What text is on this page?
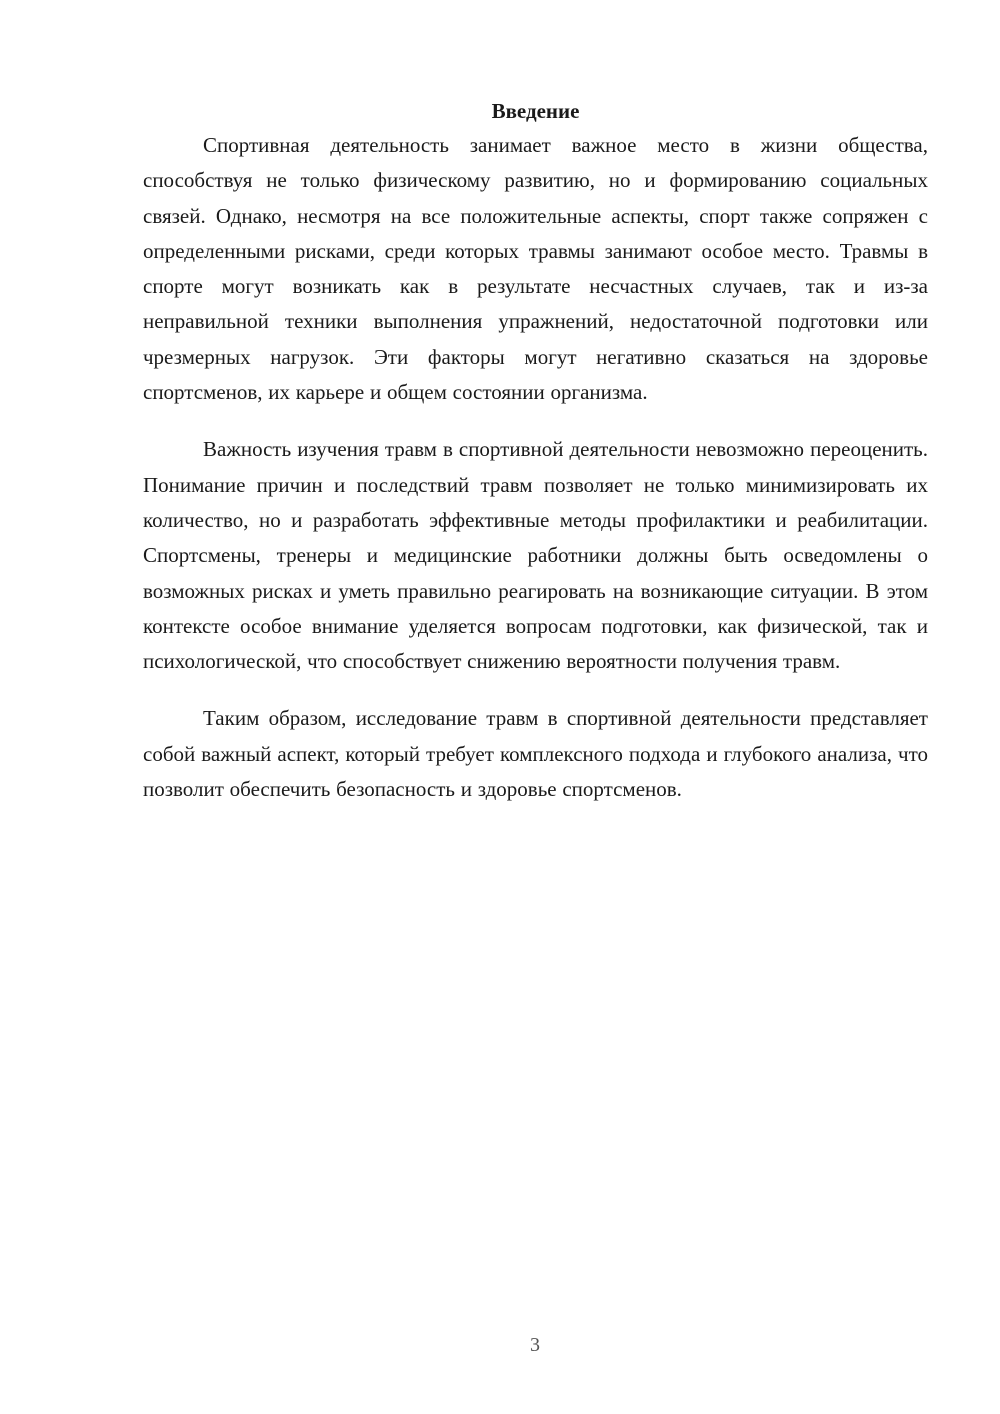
Введение

Спортивная деятельность занимает важное место в жизни общества, способствуя не только физическому развитию, но и формированию социальных связей. Однако, несмотря на все положительные аспекты, спорт также сопряжен с определенными рисками, среди которых травмы занимают особое место. Травмы в спорте могут возникать как в результате несчастных случаев, так и из-за неправильной техники выполнения упражнений, недостаточной подготовки или чрезмерных нагрузок. Эти факторы могут негативно сказаться на здоровье спортсменов, их карьере и общем состоянии организма.

Важность изучения травм в спортивной деятельности невозможно переоценить. Понимание причин и последствий травм позволяет не только минимизировать их количество, но и разработать эффективные методы профилактики и реабилитации. Спортсмены, тренеры и медицинские работники должны быть осведомлены о возможных рисках и уметь правильно реагировать на возникающие ситуации. В этом контексте особое внимание уделяется вопросам подготовки, как физической, так и психологической, что способствует снижению вероятности получения травм.

Таким образом, исследование травм в спортивной деятельности представляет собой важный аспект, который требует комплексного подхода и глубокого анализа, что позволит обеспечить безопасность и здоровье спортсменов.

3
